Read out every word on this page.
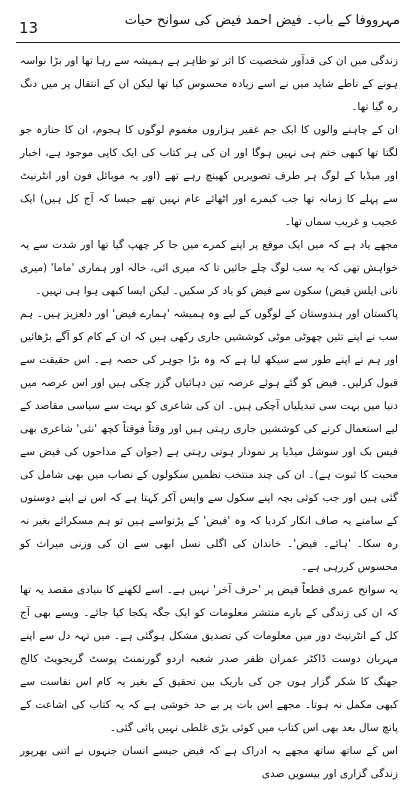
13	مہرووفا کے باب۔ فیض احمد فیض کی سوانح حیات

زندگی میں ان کی قدآور شخصیت کا اثر تو ظاہر ہے ہمیشہ سے رہا تھا اور بڑا نواسہ ہونے کے ناطے شاید میں نے اسے زیادہ محسوس کیا تھا لیکن ان کے انتقال پر میں دنگ رہ گیا تھا۔

ان کے چاہنے والوں کا ایک جم غفیر ہزاروں مغموم لوگوں کا ہجوم، ان کا جنازہ جو لگتا تھا کبھی ختم ہی نہیں ہوگا اور ان کی ہر کتاب کی ایک کاپی موجود ہے، اخبار اور میڈیا کے لوگ ہر طرف تصویریں کھینچ رہے تھے (اور یہ موبائل فون اور انٹرنیٹ سے پہلے کا زمانہ تھا جب کیمرے اور اٹھائے عام نہیں تھے جیسا کہ آج کل ہیں) ایک عجیب و غریب سماں تھا۔

مجھے یاد ہے کہ میں ایک موقع پر اپنے کمرے میں جا کر چھپ گیا تھا اور شدت سے یہ خواہش تھی کہ یہ سب لوگ چلے جائیں تا کہ میری ائی، خالہ اور ہماری 'ماما' (میری نانی ایلس فیض) سکون سے فیض کو یاد کر سکیں۔ لیکن ایسا کبھی ہوا ہی نہیں۔

پاکستان اور ہندوستان کے لوگوں کے لیے وہ ہمیشہ 'ہمارے فیض' اور دلعزیز ہیں۔ ہم سب نے اپنے تئیں چھوٹی موٹی کوششیں جاری رکھی ہیں کہ ان کے کام کو آگے بڑھائیں اور ہم نے اپنے طور سے سیکھ لیا ہے کہ وہ بڑا جوہر کی حصہ ہے۔ اس حقیقت سے قبول کرلیں۔ فیض کو گئے ہوئے عرصہ تین دہائیاں گزر چکی ہیں اور اس عرصہ میں دنیا میں بہت سی تبدیلیاں آچکی ہیں۔ ان کی شاعری کو بہت سے سیاسی مقاصد کے لیے استعمال کرنے کی کوششیں جاری رہتی ہیں اور وقتاً فوقتاً کچھ 'نئی' شاعری بھی فیس بک اور سوشل میڈیا پر نمودار ہوتی رہتی ہے (جوان کے مداحوں کی فیض سے محبت کا ثبوت ہے)۔ ان کی چند منتخب نظمیں سکولوں کے نصاب میں بھی شامل کی گئی ہیں اور جب کوئی بچہ اپنے سکول سے واپس آکر کہتا ہے کہ اس نے اپنے دوستوں کے سامنے یہ صاف انکار کردیا کہ وہ 'فیض' کے پڑنواسے ہیں تو ہم مسکرائے بغیر نہ رہ سکا۔ 'ہائے۔ فیض'۔ خاندان کی اگلی نسل ابھی سے ان کی وزنی میراث کو محسوس کررہی ہے۔

یہ سوانح عمری قطعاً فیض پر 'حرف آخر' نہیں ہے۔ اسے لکھنے کا بنیادی مقصد یہ تھا کہ ان کی زندگی کے بارے منتشر معلومات کو ایک جگہ یکجا کیا جائے۔ ویسے بھی آج کل کے انٹرنیٹ دور میں معلومات کی تصدیق مشکل ہوگئی ہے۔ میں تہہ دل سے اپنے مہربان دوست ڈاکٹر عمران ظفر صدر شعبہ اردو گورنمنٹ پوسٹ گریجویٹ کالج جھنگ کا شکر گزار ہوں جن کی باریک بین تحقیق کے بغیر یہ کام اس نفاست سے کبھی مکمل نہ ہوتا۔ مجھے اس بات پر بے حد خوشی ہے کہ یہ کتاب کی اشاعت کے پانچ سال بعد بھی اس کتاب میں کوئی بڑی غلطی نہیں پائی گئی۔

اس کے ساتھ ساتھ مجھے یہ ادراک ہے کہ فیض جیسے انسان جنہوں نے اتنی بھرپور زندگی گزاری اور بیسویں صدی
